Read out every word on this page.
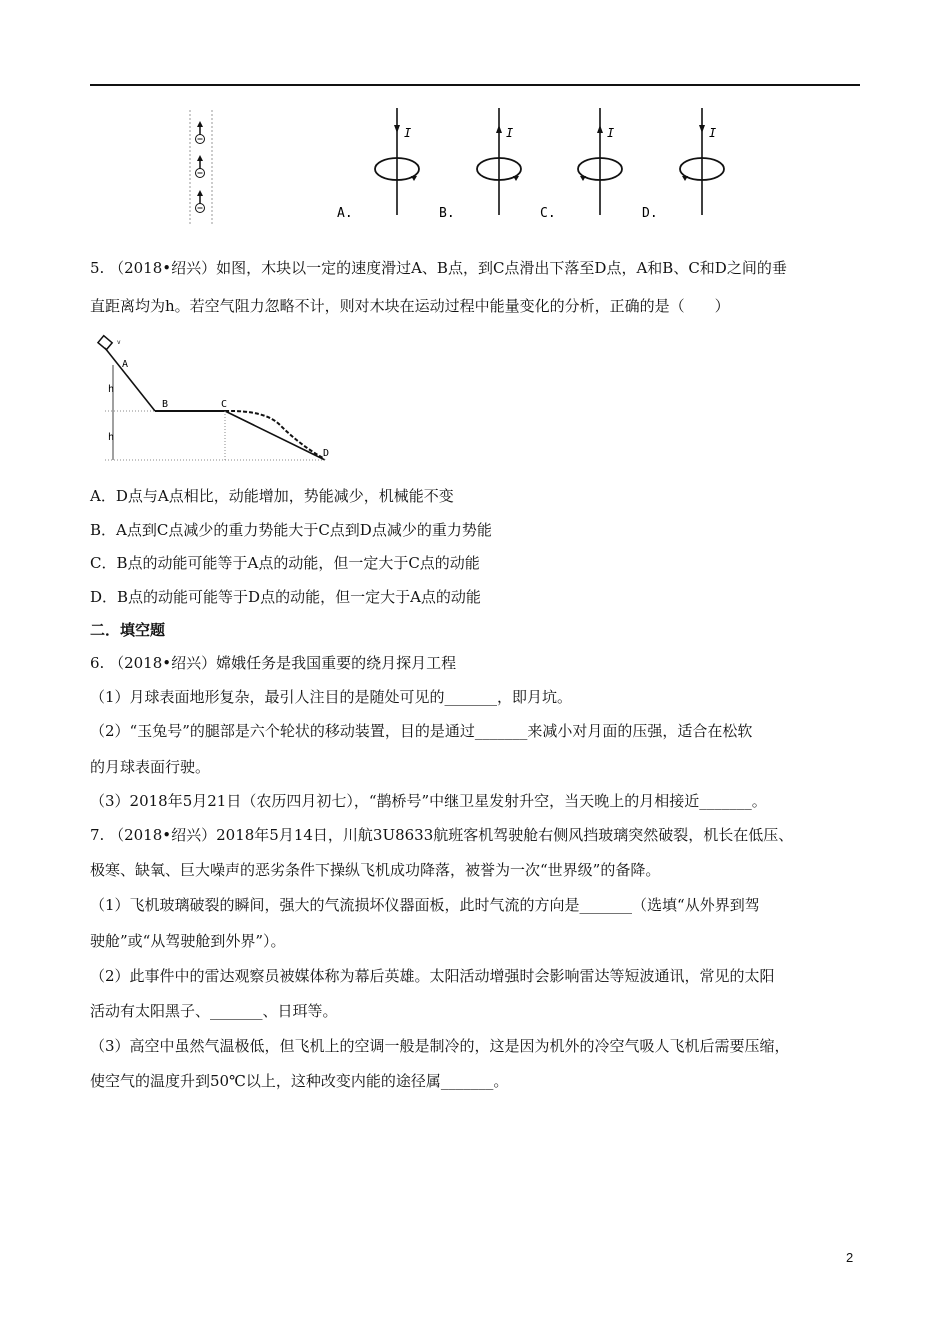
I
A.
I
B.
I
C.
I
D.
5. （2018•绍兴）如图，木块以一定的速度滑过A、B点，到C点滑出下落至D点，A和B、C和D之间的垂
直距离均为h。若空气阻力忽略不计，则对木块在运动过程中能量变化的分析，正确的是（　　）
A
B	C
D
h
h
v
A．D点与A点相比，动能增加，势能减少，机械能不变
B．A点到C点减少的重力势能大于C点到D点减少的重力势能
C．B点的动能可能等于A点的动能，但一定大于C点的动能
D．B点的动能可能等于D点的动能，但一定大于A点的动能
二．填空题
6. （2018•绍兴）嫦娥任务是我国重要的绕月探月工程
（1）月球表面地形复杂，最引人注目的是随处可见的_______，即月坑。
（2）“玉兔号”的腿部是六个轮状的移动装置，目的是通过_______来减小对月面的压强，适合在松软
的月球表面行驶。
（3）2018年5月21日（农历四月初七），“鹊桥号”中继卫星发射升空，当天晚上的月相接近_______。
7. （2018•绍兴）2018年5月14日，川航3U8633航班客机驾驶舱右侧风挡玻璃突然破裂，机长在低压、
极寒、缺氧、巨大噪声的恶劣条件下操纵飞机成功降落，被誉为一次“世界级”的备降。
（1）飞机玻璃破裂的瞬间，强大的气流损坏仪器面板，此时气流的方向是_______（选填“从外界到驾
驶舱”或“从驾驶舱到外界”）。
（2）此事件中的雷达观察员被媒体称为幕后英雄。太阳活动增强时会影响雷达等短波通讯，常见的太阳
活动有太阳黑子、_______、日珥等。
（3）高空中虽然气温极低，但飞机上的空调一般是制冷的，这是因为机外的冷空气吸人飞机后需要压缩，
使空气的温度升到50℃以上，这种改变内能的途径属_______。
2
